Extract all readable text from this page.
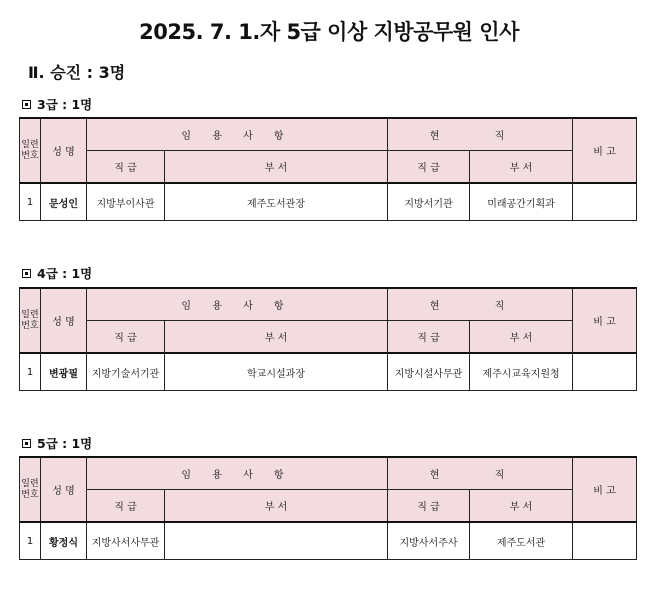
2025. 7. 1.자 5급 이상 지방공무원 인사
Ⅱ. 승진 : 3명
3급 : 1명
일련
번호	성 명	임 용 사 항		현 직		비 고
		직 급	부 서	직 급	부 서	
1	문성인	지방부이사관	제주도서관장	지방서기관	미래공간기획과	
4급 : 1명
일련
번호	성 명	임 용 사 항		현 직		비 고
		직 급	부 서	직 급	부 서	
1	변광필	지방기술서기관	학교시설과장	지방시설사무관	제주시교육지원청	
5급 : 1명
일련
번호	성 명	임 용 사 항		현 직		비 고
		직 급	부 서	직 급	부 서	
1	황정식	지방사서사무관		지방사서주사	제주도서관	
